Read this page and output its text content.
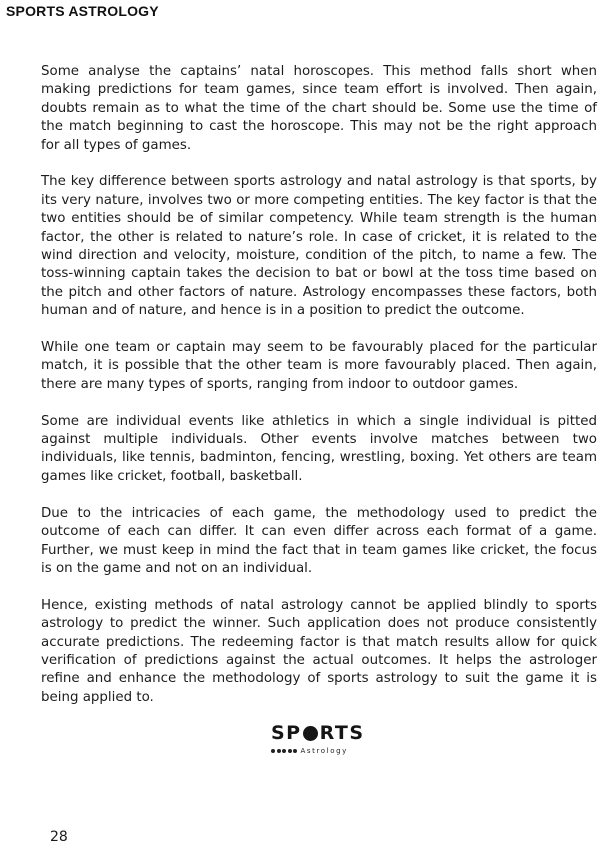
SPORTS ASTROLOGY

Some analyse the captains’ natal horoscopes. This method falls short when making predictions for team games, since team effort is involved. Then again, doubts remain as to what the time of the chart should be. Some use the time of the match beginning to cast the horoscope. This may not be the right approach for all types of games.

The key difference between sports astrology and natal astrology is that sports, by its very nature, involves two or more competing entities. The key factor is that the two entities should be of similar competency. While team strength is the human factor, the other is related to nature’s role. In case of cricket, it is related to the wind direction and velocity, moisture, condition of the pitch, to name a few. The toss-winning captain takes the decision to bat or bowl at the toss time based on the pitch and other factors of nature. Astrology encompasses these factors, both human and of nature, and hence is in a position to predict the outcome.

While one team or captain may seem to be favourably placed for the particular match, it is possible that the other team is more favourably placed. Then again, there are many types of sports, ranging from indoor to outdoor games.

Some are individual events like athletics in which a single individual is pitted against multiple individuals. Other events involve matches between two individuals, like tennis, badminton, fencing, wrestling, boxing. Yet others are team games like cricket, football, basketball.

Due to the intricacies of each game, the methodology used to predict the outcome of each can differ. It can even differ across each format of a game. Further, we must keep in mind the fact that in team games like cricket, the focus is on the game and not on an individual.

Hence, existing methods of natal astrology cannot be applied blindly to sports astrology to predict the winner. Such application does not produce consistently accurate predictions. The redeeming factor is that match results allow for quick verification of predictions against the actual outcomes. It helps the astrologer refine and enhance the methodology of sports astrology to suit the game it is being applied to.

SP RTS
Astrology
28
